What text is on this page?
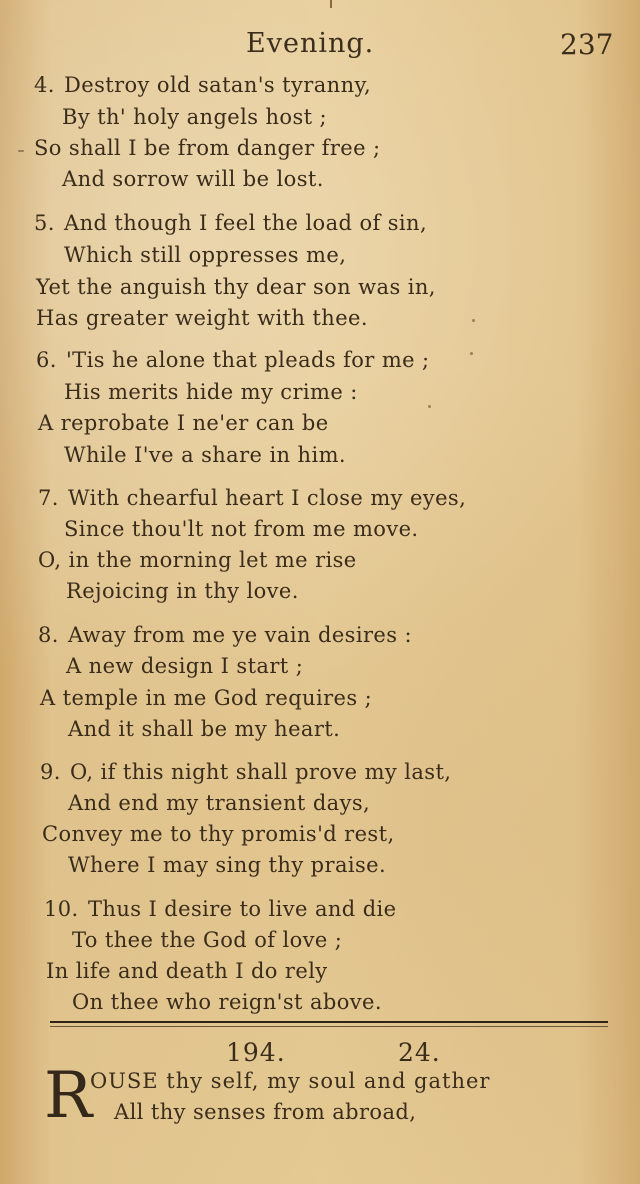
Evening.	237
4. Destroy old satan's tyranny,
By th' holy angels host ;
So shall I be from danger free ;
And sorrow will be lost.
5. And though I feel the load of sin,
Which still oppresses me,
Yet the anguish thy dear son was in,
Has greater weight with thee.
6. 'Tis he alone that pleads for me ;
His merits hide my crime :
A reprobate I ne'er can be
While I've a share in him.
7. With chearful heart I close my eyes,
Since thou'lt not from me move.
O, in the morning let me rise
Rejoicing in thy love.
8. Away from me ye vain desires :
A new design I start ;
A temple in me God requires ;
And it shall be my heart.
9. O, if this night shall prove my last,
And end my transient days,
Convey me to thy promis'd rest,
Where I may sing thy praise.
10. Thus I desire to live and die
To thee the God of love ;
In life and death I do rely
On thee who reign'st above.
194.	24.
R
OUSE thy self, my soul and gather
All thy senses from abroad,
